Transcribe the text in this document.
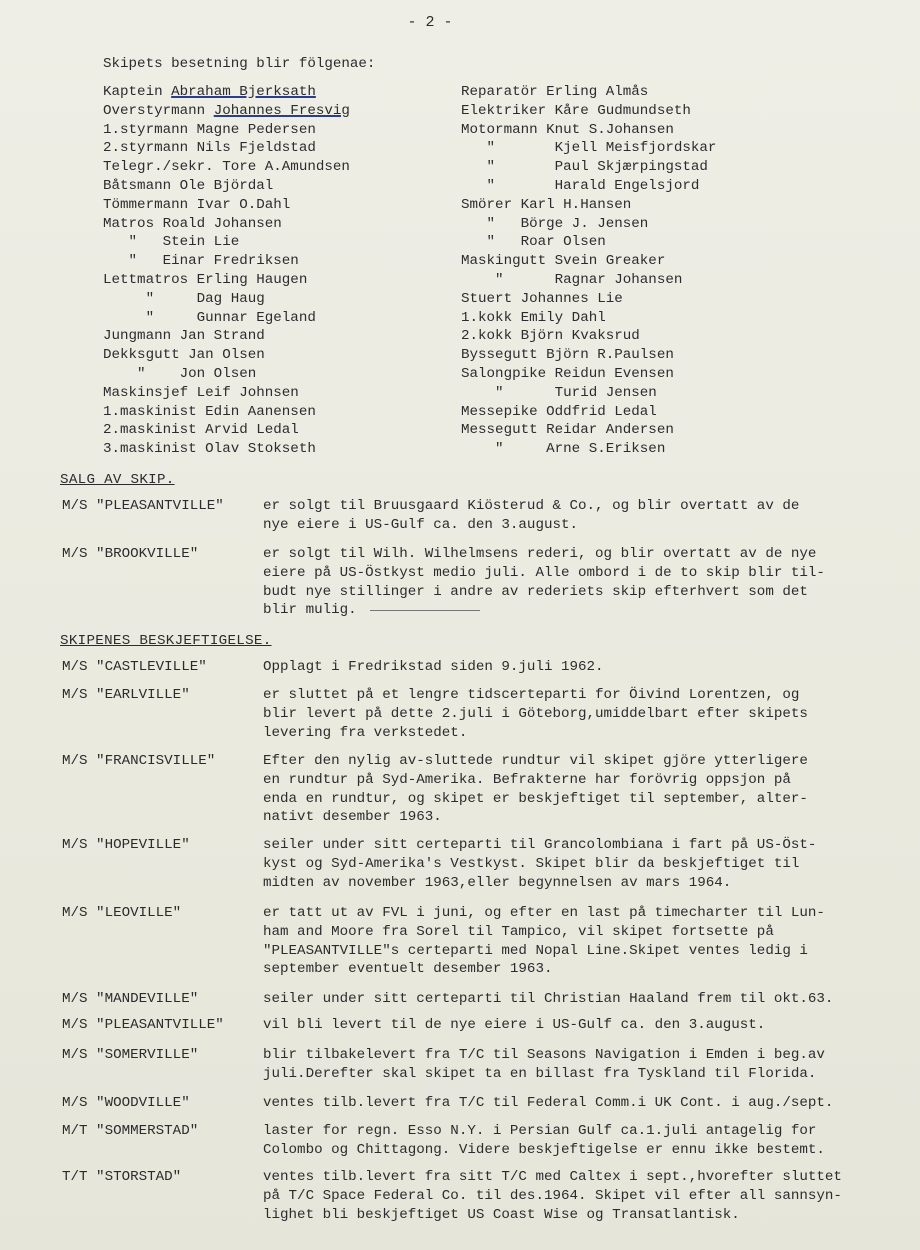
- 2 -
Skipets besetning blir fölgenae:
Kaptein Abraham Bjerksath
Overstyrmann Johannes Fresvig
1.styrmann Magne Pedersen
2.styrmann Nils Fjeldstad
Telegr./sekr. Tore A.Amundsen
Båtsmann Ole Björdal
Tömmermann Ivar O.Dahl
Matros Roald Johansen
"   Stein Lie
"   Einar Fredriksen
Lettmatros Erling Haugen
"     Dag Haug
"     Gunnar Egeland
Jungmann Jan Strand
Dekksgutt Jan Olsen
"    Jon Olsen
Maskinsjef Leif Johnsen
1.maskinist Edin Aanensen
2.maskinist Arvid Ledal
3.maskinist Olav Stokseth
Reparatör Erling Almås
Elektriker Kåre Gudmundseth
Motormann Knut S.Johansen
"       Kjell Meisfjordskar
"       Paul Skjærpingstad
"       Harald Engelsjord
Smörer Karl H.Hansen
"   Börge J. Jensen
"   Roar Olsen
Maskingutt Svein Greaker
"      Ragnar Johansen
Stuert Johannes Lie
1.kokk Emily Dahl
2.kokk Björn Kvaksrud
Byssegutt Björn R.Paulsen
Salongpike Reidun Evensen
"      Turid Jensen
Messepike Oddfrid Ledal
Messegutt Reidar Andersen
"     Arne S.Eriksen
SALG AV SKIP.
M/S "PLEASANTVILLE"	er solgt til Bruusgaard Kiösterud & Co., og blir overtatt av de
nye eiere i US-Gulf ca. den 3.august.
M/S "BROOKVILLE"	er solgt til Wilh. Wilhelmsens rederi, og blir overtatt av de nye
eiere på US-Östkyst medio juli. Alle ombord i de to skip blir til-
budt nye stillinger i andre av rederiets skip efterhvert som det
blir mulig.
SKIPENES BESKJEFTIGELSE.
M/S "CASTLEVILLE"	Opplagt i Fredrikstad siden 9.juli 1962.
M/S "EARLVILLE"	er sluttet på et lengre tidscerteparti for Öivind Lorentzen, og
blir levert på dette 2.juli i Göteborg,umiddelbart efter skipets
levering fra verkstedet.
M/S "FRANCISVILLE"	Efter den nylig av-sluttede rundtur vil skipet gjöre ytterligere
en rundtur på Syd-Amerika. Befrakterne har forövrig oppsjon på
enda en rundtur, og skipet er beskjeftiget til september, alter-
nativt desember 1963.
M/S "HOPEVILLE"	seiler under sitt certeparti til Grancolombiana i fart på US-Öst-
kyst og Syd-Amerika's Vestkyst. Skipet blir da beskjeftiget til
midten av november 1963,eller begynnelsen av mars 1964.
M/S "LEOVILLE"	er tatt ut av FVL i juni, og efter en last på timecharter til Lun-
ham and Moore fra Sorel til Tampico, vil skipet fortsette på
"PLEASANTVILLE"s certeparti med Nopal Line.Skipet ventes ledig i
september eventuelt desember 1963.
M/S "MANDEVILLE"	seiler under sitt certeparti til Christian Haaland frem til okt.63.
M/S "PLEASANTVILLE"	vil bli levert til de nye eiere i US-Gulf ca. den 3.august.
M/S "SOMERVILLE"	blir tilbakelevert fra T/C til Seasons Navigation i Emden i beg.av
juli.Derefter skal skipet ta en billast fra Tyskland til Florida.
M/S "WOODVILLE"	ventes tilb.levert fra T/C til Federal Comm.i UK Cont. i aug./sept.
M/T "SOMMERSTAD"	laster for regn. Esso N.Y. i Persian Gulf ca.1.juli antagelig for
Colombo og Chittagong. Videre beskjeftigelse er ennu ikke bestemt.
T/T "STORSTAD"	ventes tilb.levert fra sitt T/C med Caltex i sept.,hvorefter sluttet
på T/C Space Federal Co. til des.1964. Skipet vil efter all sannsyn-
lighet bli beskjeftiget US Coast Wise og Transatlantisk.
